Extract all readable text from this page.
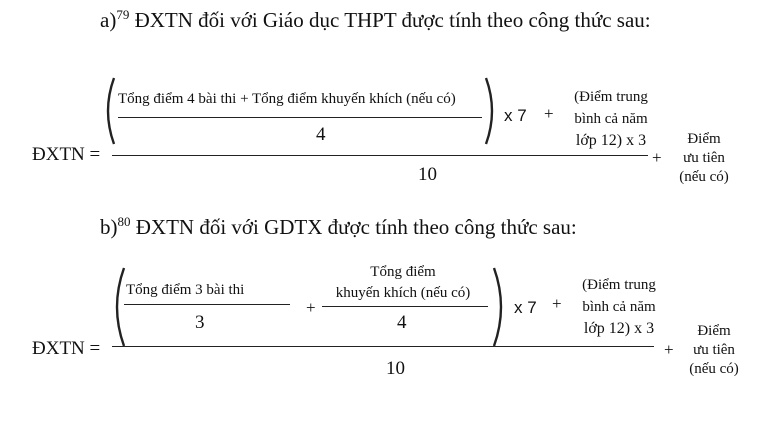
a)$^{79}$ ĐXTN đối với Giáo dục THPT được tính theo công thức sau:
ĐXTN =
Tổng điểm 4 bài thi + Tổng điểm khuyến khích (nếu có)
4
x 7 +
(Điểm trung
bình cả năm
lớp 12) x 3
10
+
Điểm
ưu tiên
(nếu có)
b)$^{80}$ ĐXTN đối với GDTX được tính theo công thức sau:
ĐXTN =
Tổng điểm 3 bài thi
3
+
Tổng điểm
khuyến khích (nếu có)
4
x 7 +
(Điểm trung
bình cả năm
lớp 12) x 3
10
+
Điểm
ưu tiên
(nếu có)
